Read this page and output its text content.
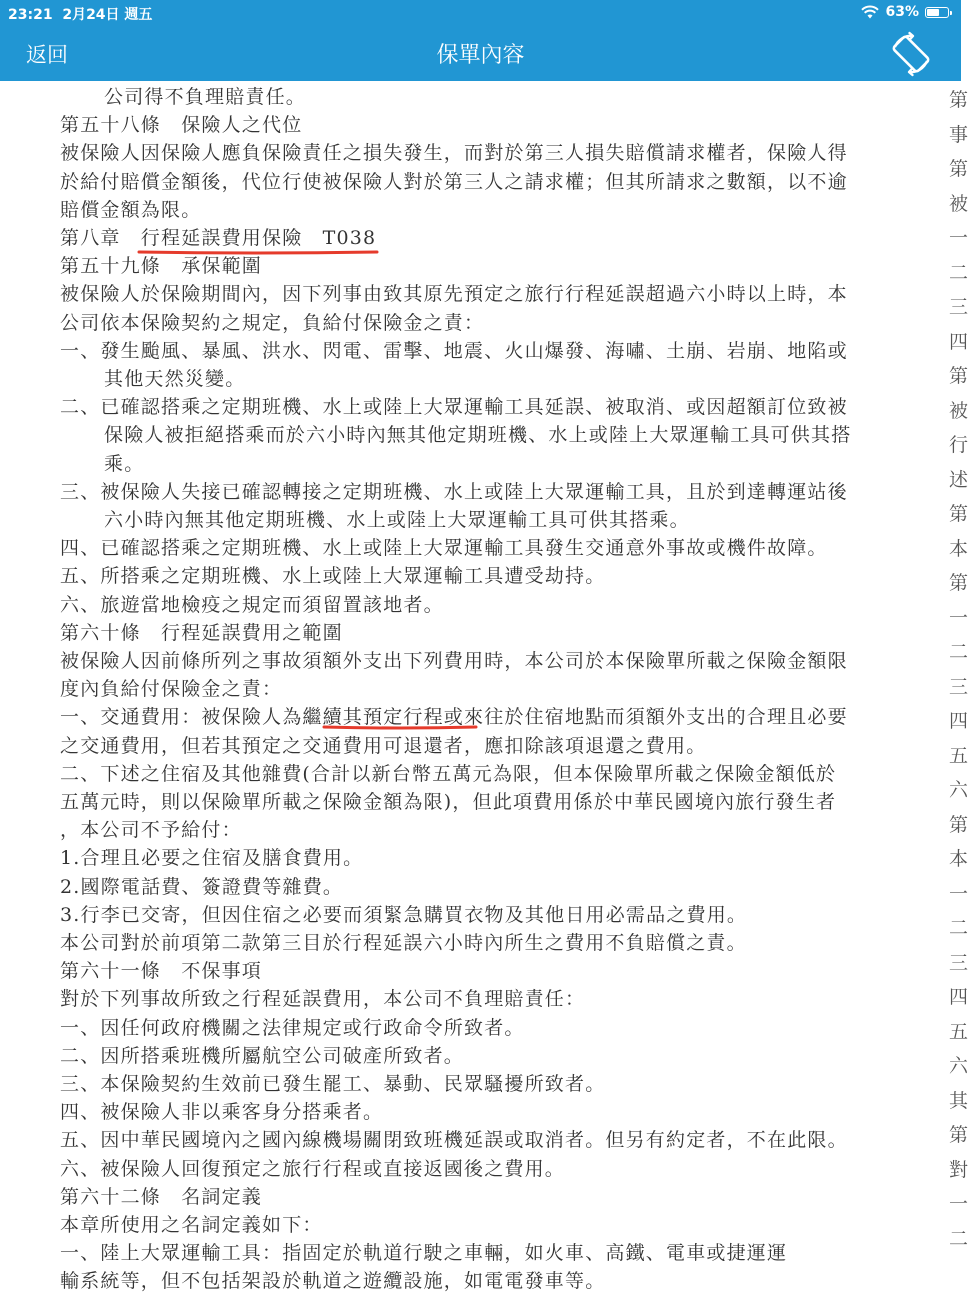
23:21 2月24日 週五	63%
返回	保單內容
公司得不負理賠責任。
第五十八條　保險人之代位
被保險人因保險人應負保險責任之損失發生，而對於第三人損失賠償請求權者，保險人得
於給付賠償金額後，代位行使被保險人對於第三人之請求權；但其所請求之數額，以不逾
賠償金額為限。
第八章　行程延誤費用保險　T038
第五十九條　承保範圍
被保險人於保險期間內，因下列事由致其原先預定之旅行行程延誤超過六小時以上時，本
公司依本保險契約之規定，負給付保險金之責：
一、發生颱風、暴風、洪水、閃電、雷擊、地震、火山爆發、海嘯、土崩、岩崩、地陷或
其他天然災變。
二、已確認搭乘之定期班機、水上或陸上大眾運輸工具延誤、被取消、或因超額訂位致被
保險人被拒絕搭乘而於六小時內無其他定期班機、水上或陸上大眾運輸工具可供其搭
乘。
三、被保險人失接已確認轉接之定期班機、水上或陸上大眾運輸工具，且於到達轉運站後
六小時內無其他定期班機、水上或陸上大眾運輸工具可供其搭乘。
四、已確認搭乘之定期班機、水上或陸上大眾運輸工具發生交通意外事故或機件故障。
五、所搭乘之定期班機、水上或陸上大眾運輸工具遭受劫持。
六、旅遊當地檢疫之規定而須留置該地者。
第六十條　行程延誤費用之範圍
被保險人因前條所列之事故須額外支出下列費用時，本公司於本保險單所載之保險金額限
度內負給付保險金之責：
一、交通費用：被保險人為繼續其預定行程或來往於住宿地點而須額外支出的合理且必要
之交通費用，但若其預定之交通費用可退還者，應扣除該項退還之費用。
二、下述之住宿及其他雜費(合計以新台幣五萬元為限，但本保險單所載之保險金額低於
五萬元時，則以保險單所載之保險金額為限)，但此項費用係於中華民國境內旅行發生者
，本公司不予給付：
1.合理且必要之住宿及膳食費用。
2.國際電話費、簽證費等雜費。
3.行李已交寄，但因住宿之必要而須緊急購買衣物及其他日用必需品之費用。
本公司對於前項第二款第三目於行程延誤六小時內所生之費用不負賠償之責。
第六十一條　不保事項
對於下列事故所致之行程延誤費用，本公司不負理賠責任：
一、因任何政府機關之法律規定或行政命令所致者。
二、因所搭乘班機所屬航空公司破產所致者。
三、本保險契約生效前已發生罷工、暴動、民眾騷擾所致者。
四、被保險人非以乘客身分搭乘者。
五、因中華民國境內之國內線機場關閉致班機延誤或取消者。但另有約定者，不在此限。
六、被保險人回復預定之旅行行程或直接返國後之費用。
第六十二條　名詞定義
本章所使用之名詞定義如下：
一、陸上大眾運輸工具：指固定於軌道行駛之車輛，如火車、高鐵、電車或捷運運
輸系統等，但不包括架設於軌道之遊纜設施，如電電發車等。
第
事
第
被
一
二
三
四
第
被
行
述
第
本
第
一
二
三
四
五
六
第
本
一
二
三
四
五
六
其
第
對
一
二
